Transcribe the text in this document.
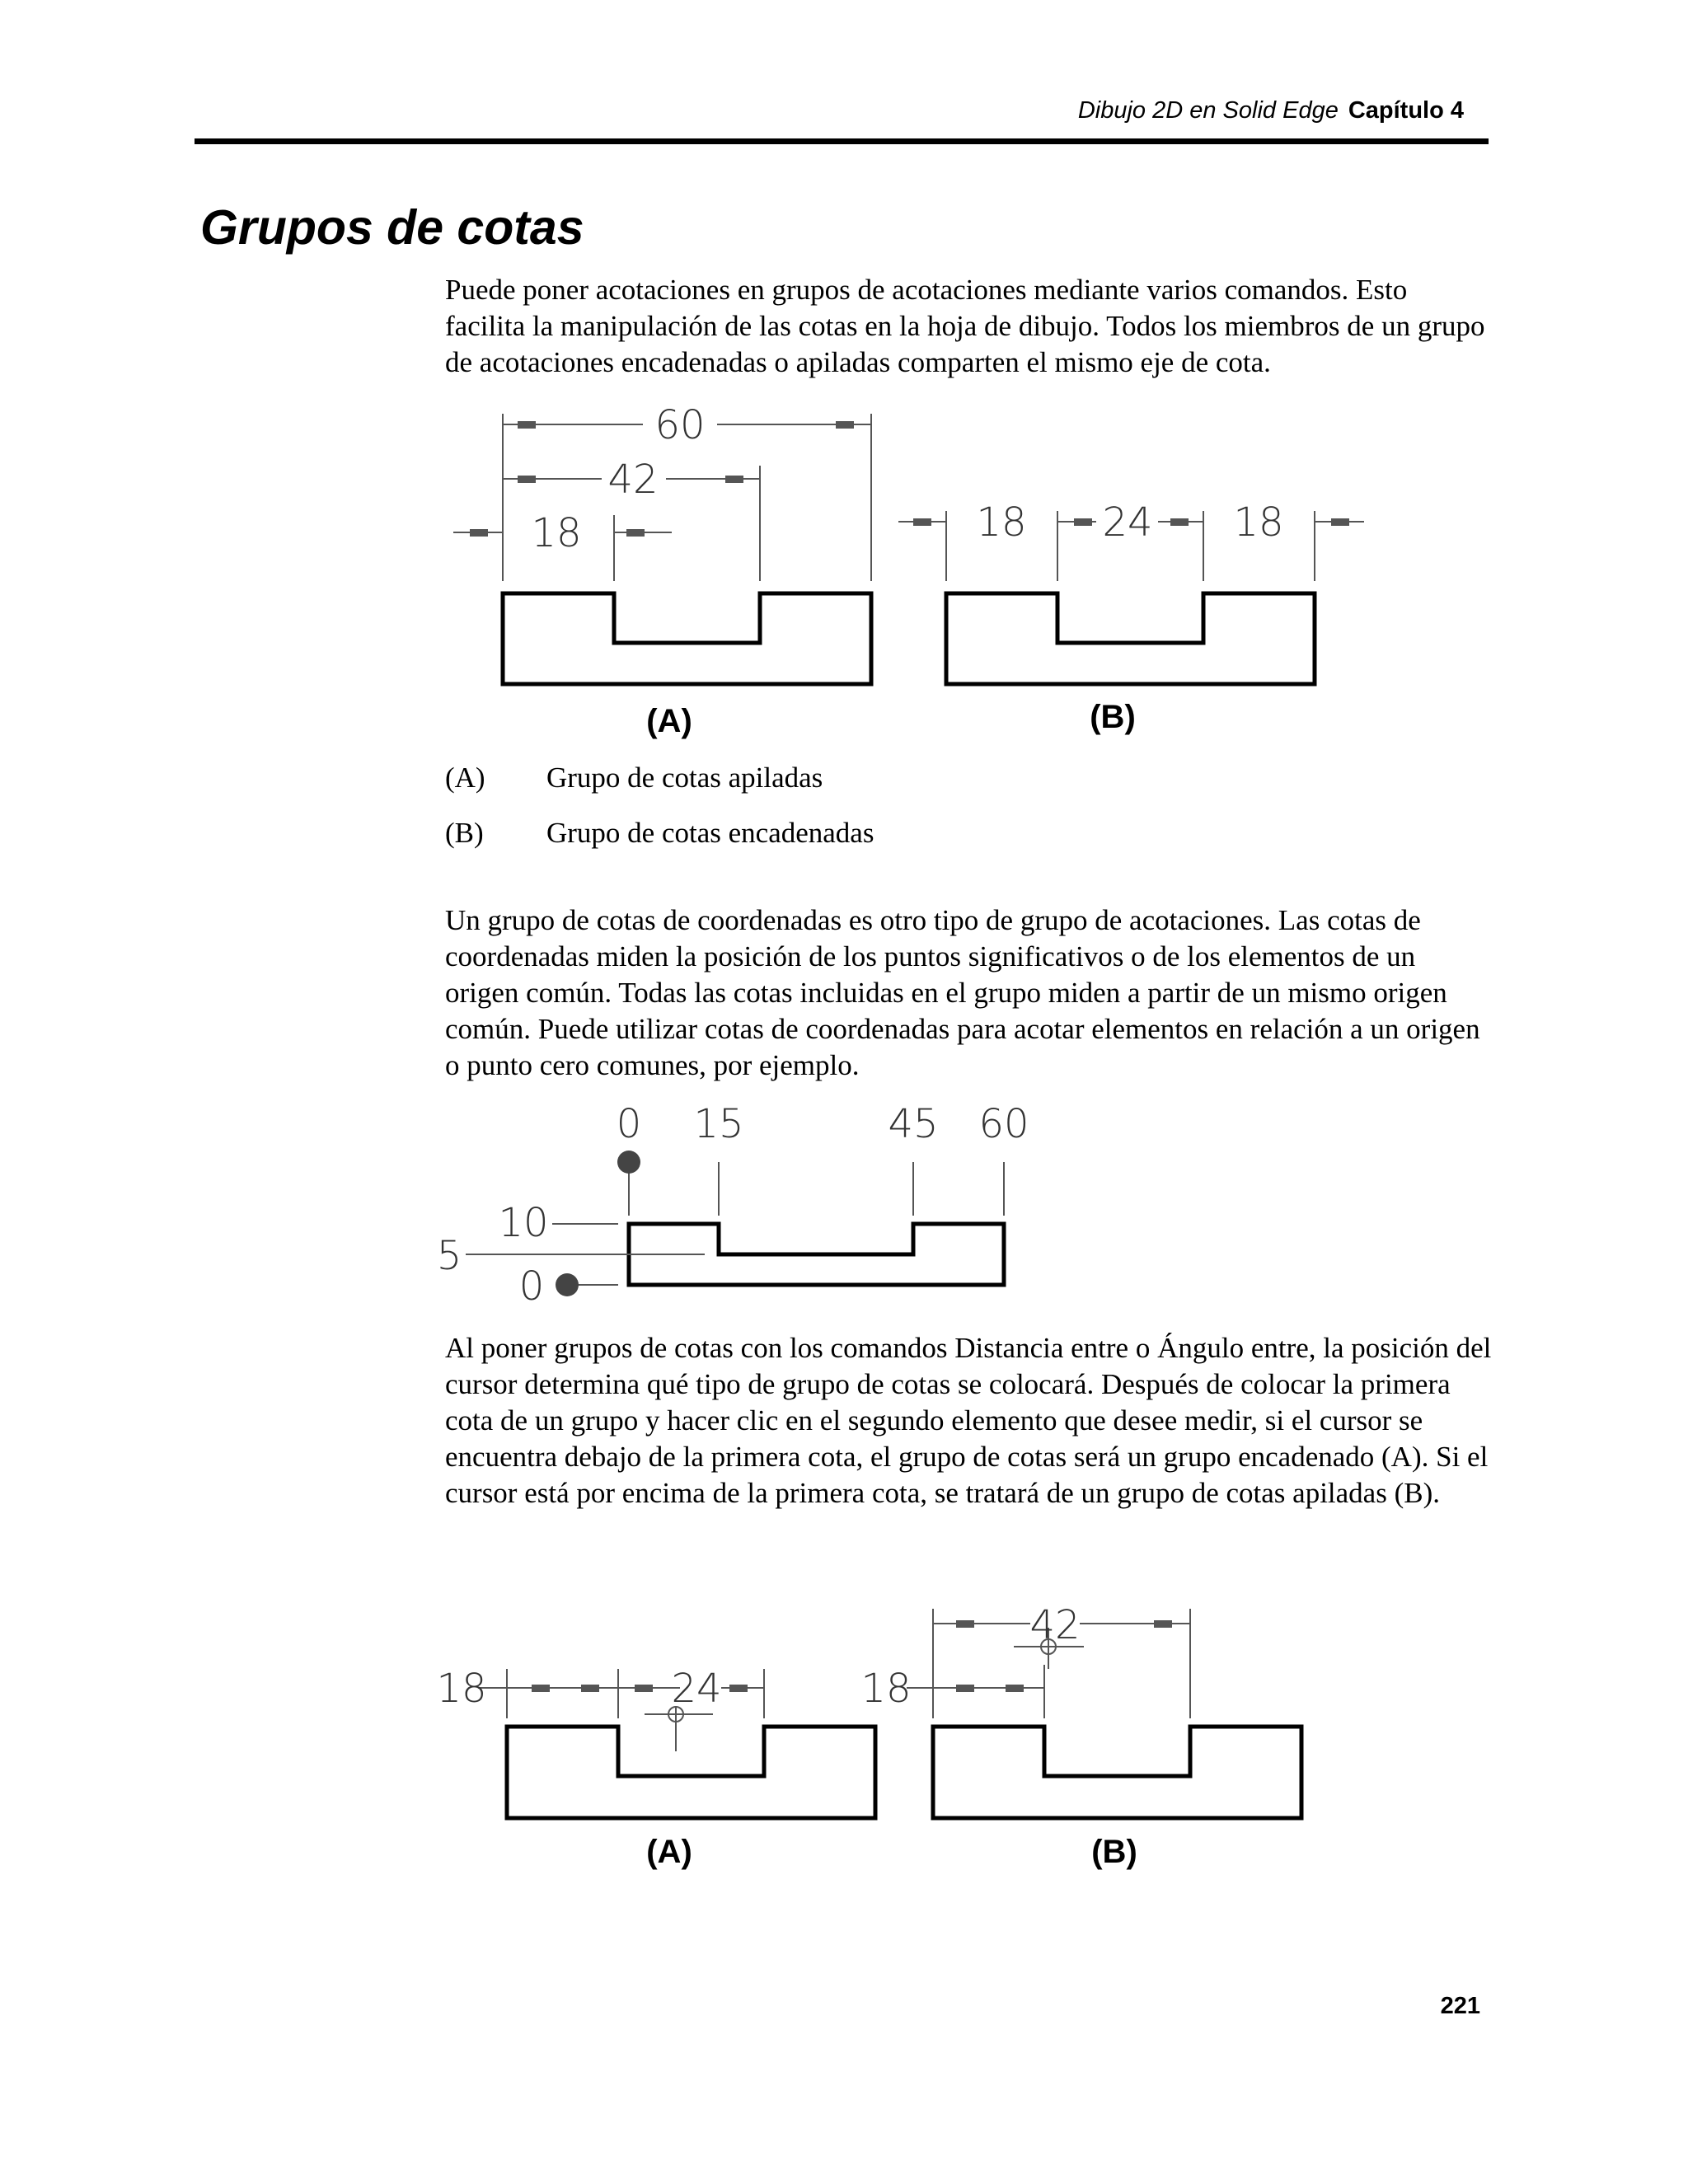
Dibujo 2D en Solid Edge Capítulo 4
Grupos de cotas

Puede poner acotaciones en grupos de acotaciones mediante varios comandos. Esto facilita la manipulación de las cotas en la hoja de dibujo. Todos los miembros de un grupo de acotaciones encadenadas o apiladas comparten el mismo eje de cota.

60
42
18	18 24 18
(A)	(B)
(A)	Grupo de cotas apiladas
(B)	Grupo de cotas encadenadas

Un grupo de cotas de coordenadas es otro tipo de grupo de acotaciones. Las cotas de coordenadas miden la posición de los puntos significativos o de los elementos de un origen común. Todas las cotas incluidas en el grupo miden a partir de un mismo origen común. Puede utilizar cotas de coordenadas para acotar elementos en relación a un origen o punto cero comunes, por ejemplo.

0 15	45 60
10
5
0

Al poner grupos de cotas con los comandos Distancia entre o Ángulo entre, la posición del cursor determina qué tipo de grupo de cotas se colocará. Después de colocar la primera cota de un grupo y hacer clic en el segundo elemento que desee medir, si el cursor se encuentra debajo de la primera cota, el grupo de cotas será un grupo encadenado (A). Si el cursor está por encima de la primera cota, se tratará de un grupo de cotas apiladas (B).

18	24
42
18
(A)	(B)
221
